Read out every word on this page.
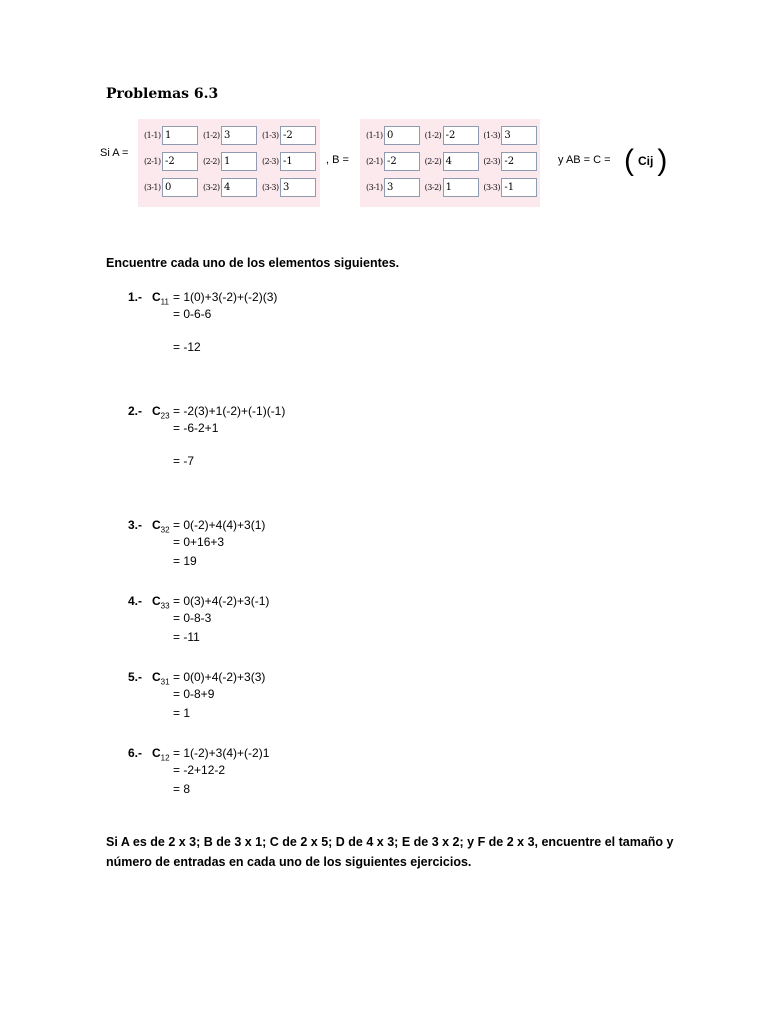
Problemas 6.3
Si A =
(1-1) 1	(1-2) 3	(1-3) -2
(2-1) -2	(2-2) 1	(2-3) -1
(3-1) 0	(3-2) 4	(3-3) 3
, B =
(1-1) 0	(1-2) -2	(1-3) 3
(2-1) -2	(2-2) 4	(2-3) -2
(3-1) 3	(3-2) 1	(3-3) -1
y AB = C = ( Cij )
Encuentre cada uno de los elementos siguientes.
1.- $C_{11} = 1(0)+3(-2)+(-2)(3)$
= 0-6-6
= -12
2.- $C_{23} = -2(3)+1(-2)+(-1)(-1)$
= -6-2+1
= -7
3.- $C_{32} = 0(-2)+4(4)+3(1)$
= 0+16+3
= 19
4.- $C_{33} = 0(3)+4(-2)+3(-1)$
= 0-8-3
= -11
5.- $C_{31} = 0(0)+4(-2)+3(3)$
= 0-8+9
= 1
6.- $C_{12} = 1(-2)+3(4)+(-2)1$
= -2+12-2
= 8
Si A es de 2 x 3; B de 3 x 1; C de 2 x 5; D de 4 x 3; E de 3 x 2; y F de 2 x 3, encuentre el tamaño y número de entradas en cada uno de los siguientes ejercicios.
